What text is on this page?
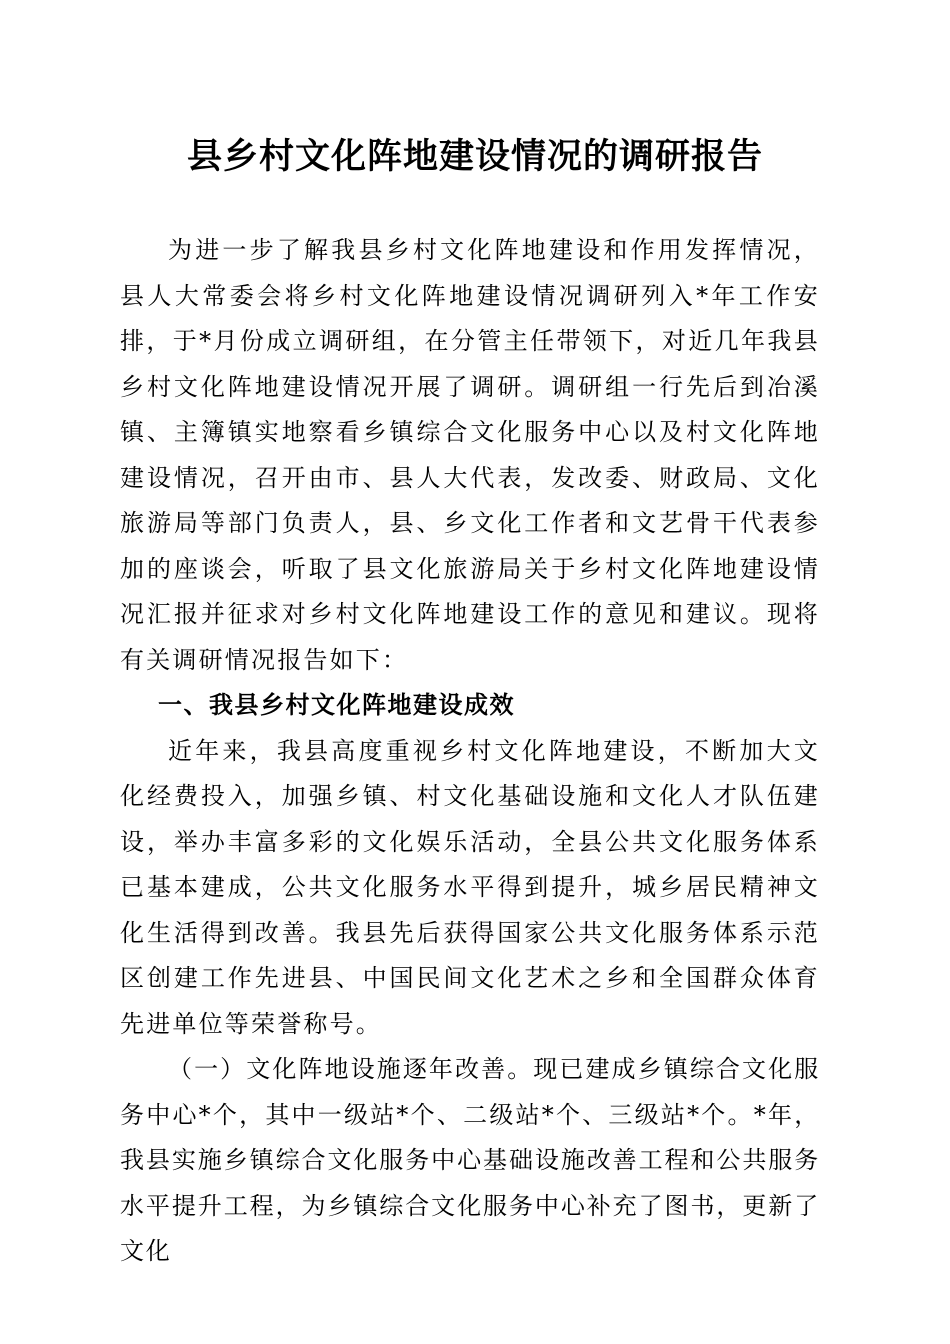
县乡村文化阵地建设情况的调研报告

为进一步了解我县乡村文化阵地建设和作用发挥情况，县人大常委会将乡村文化阵地建设情况调研列入*年工作安排，于*月份成立调研组，在分管主任带领下，对近几年我县乡村文化阵地建设情况开展了调研。调研组一行先后到冶溪镇、主簿镇实地察看乡镇综合文化服务中心以及村文化阵地建设情况，召开由市、县人大代表，发改委、财政局、文化旅游局等部门负责人，县、乡文化工作者和文艺骨干代表参加的座谈会，听取了县文化旅游局关于乡村文化阵地建设情况汇报并征求对乡村文化阵地建设工作的意见和建议。现将有关调研情况报告如下：

一、我县乡村文化阵地建设成效

近年来，我县高度重视乡村文化阵地建设，不断加大文化经费投入，加强乡镇、村文化基础设施和文化人才队伍建设，举办丰富多彩的文化娱乐活动，全县公共文化服务体系已基本建成，公共文化服务水平得到提升，城乡居民精神文化生活得到改善。我县先后获得国家公共文化服务体系示范区创建工作先进县、中国民间文化艺术之乡和全国群众体育先进单位等荣誉称号。

（一）文化阵地设施逐年改善。现已建成乡镇综合文化服务中心*个，其中一级站*个、二级站*个、三级站*个。*年，我县实施乡镇综合文化服务中心基础设施改善工程和公共服务水平提升工程，为乡镇综合文化服务中心补充了图书，更新了文化
